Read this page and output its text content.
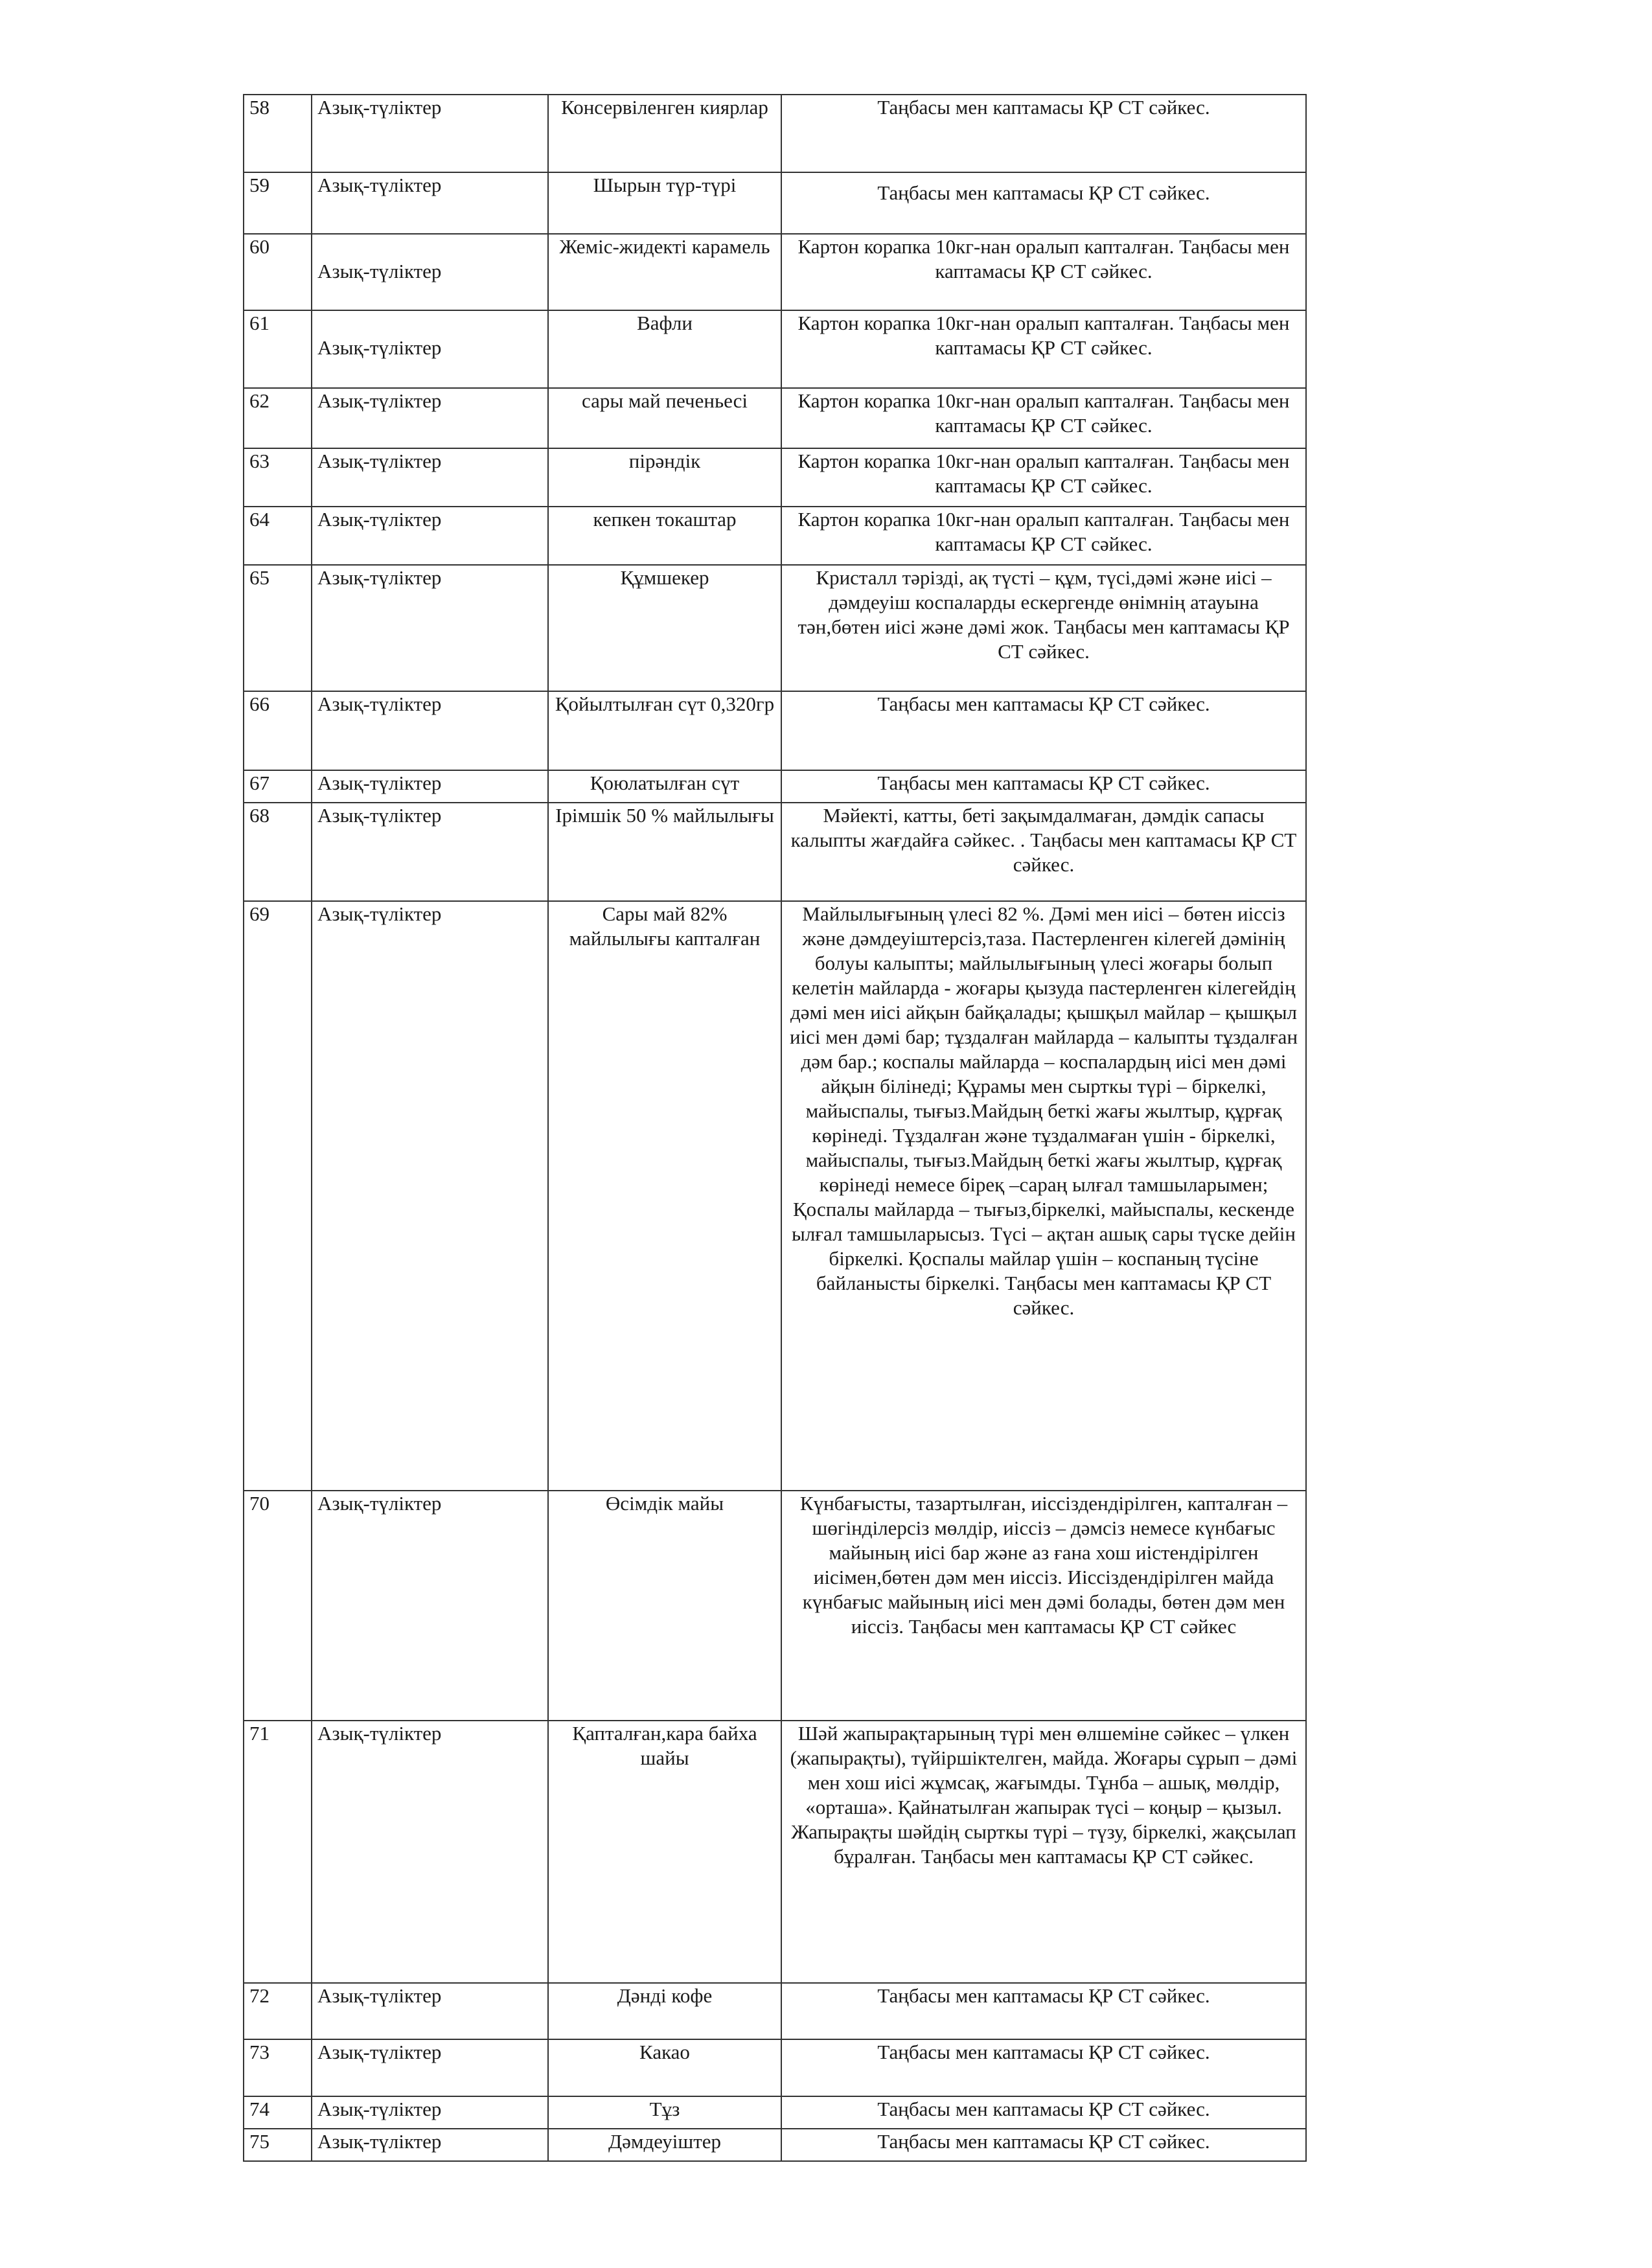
58	Азық-түліктер	Консервіленген киярлар	Таңбасы мен каптамасы ҚР СТ сәйкес.
59	Азық-түліктер	Шырын түр-түрі	Таңбасы мен каптамасы ҚР СТ сәйкес.
60	Азық-түліктер	Жеміс-жидекті карамель	Картон корапка 10кг-нан оралып капталған. Таңбасы мен каптамасы ҚР СТ сәйкес.
61	Азық-түліктер	Вафли	Картон корапка 10кг-нан оралып капталған. Таңбасы мен каптамасы ҚР СТ сәйкес.
62	Азық-түліктер	сары май печеньесі	Картон корапка 10кг-нан оралып капталған. Таңбасы мен каптамасы ҚР СТ сәйкес.
63	Азық-түліктер	пірәндік	Картон корапка 10кг-нан оралып капталған. Таңбасы мен каптамасы ҚР СТ сәйкес.
64	Азық-түліктер	кепкен токаштар	Картон корапка 10кг-нан оралып капталған. Таңбасы мен каптамасы ҚР СТ сәйкес.
65	Азық-түліктер	Құмшекер	Кристалл тәрізді, ақ түсті – құм, түсі,дәмі және иісі – дәмдеуіш коспаларды ескергенде өнімнің атауына тән,бөтен иісі және дәмі жок. Таңбасы мен каптамасы ҚР СТ сәйкес.
66	Азық-түліктер	Қойылтылған сүт 0,320гр	Таңбасы мен каптамасы ҚР СТ сәйкес.
67	Азық-түліктер	Қоюлатылған сүт	Таңбасы мен каптамасы ҚР СТ сәйкес.
68	Азық-түліктер	Ірімшік 50 % майлылығы	Мәйекті, катты, беті зақымдалмаған, дәмдік сапасы калыпты жағдайға сәйкес. . Таңбасы мен каптамасы ҚР СТ сәйкес.
69	Азық-түліктер	Сары май 82% майлылығы капталған	Майлылығының үлесі 82 %. Дәмі мен иісі – бөтен иіссіз және дәмдеуіштерсіз,таза. Пастерленген кілегей дәмінің болуы калыпты; майлылығының үлесі жоғары болып келетін майларда - жоғары қызуда пастерленген кілегейдің дәмі мен иісі айқын байқалады; қышқыл майлар – қышқыл иісі мен дәмі бар; тұздалған майларда – калыпты тұздалған дәм бар.; коспалы майларда – коспалардың иісі мен дәмі айқын білінеді; Құрамы мен сырткы түрі – біркелкі, майыспалы, тығыз.Майдың беткі жағы жылтыр, құрғақ көрінеді. Тұздалған және тұздалмаған үшін - біркелкі, майыспалы, тығыз.Майдың беткі жағы жылтыр, құрғақ көрінеді немесе біреқ –сараң ылғал тамшыларымен; Қоспалы майларда – тығыз,біркелкі, майыспалы, кескенде ылғал тамшыларысыз. Түсі – ақтан ашық сары түске дейін біркелкі. Қоспалы майлар үшін – коспаның түсіне байланысты біркелкі. Таңбасы мен каптамасы ҚР СТ сәйкес.
70	Азық-түліктер	Өсімдік майы	Күнбағысты, тазартылған, иіссіздендірілген, капталған – шөгінділерсіз мөлдір, иіссіз – дәмсіз немесе күнбағыс майының иісі бар және аз ғана хош иістендірілген иісімен,бөтен дәм мен иіссіз. Иіссіздендірілген майда күнбағыс майының иісі мен дәмі болады, бөтен дәм мен иіссіз. Таңбасы мен каптамасы ҚР СТ сәйкес
71	Азық-түліктер	Қапталған,кара байха шайы	Шәй жапырақтарының түрі мен өлшеміне сәйкес – үлкен (жапырақты), түйіршіктелген, майда. Жоғары сұрып – дәмі мен хош иісі жұмсақ, жағымды. Тұнба – ашық, мөлдір, «орташа». Қайнатылған жапырак түсі – коңыр – қызыл. Жапырақты шәйдің сырткы түрі – түзу, біркелкі, жақсылап бұралған. Таңбасы мен каптамасы ҚР СТ сәйкес.
72	Азық-түліктер	Дәнді кофе	Таңбасы мен каптамасы ҚР СТ сәйкес.
73	Азық-түліктер	Какао	Таңбасы мен каптамасы ҚР СТ сәйкес.
74	Азық-түліктер	Тұз	Таңбасы мен каптамасы ҚР СТ сәйкес.
75	Азық-түліктер	Дәмдеуіштер	Таңбасы мен каптамасы ҚР СТ сәйкес.
